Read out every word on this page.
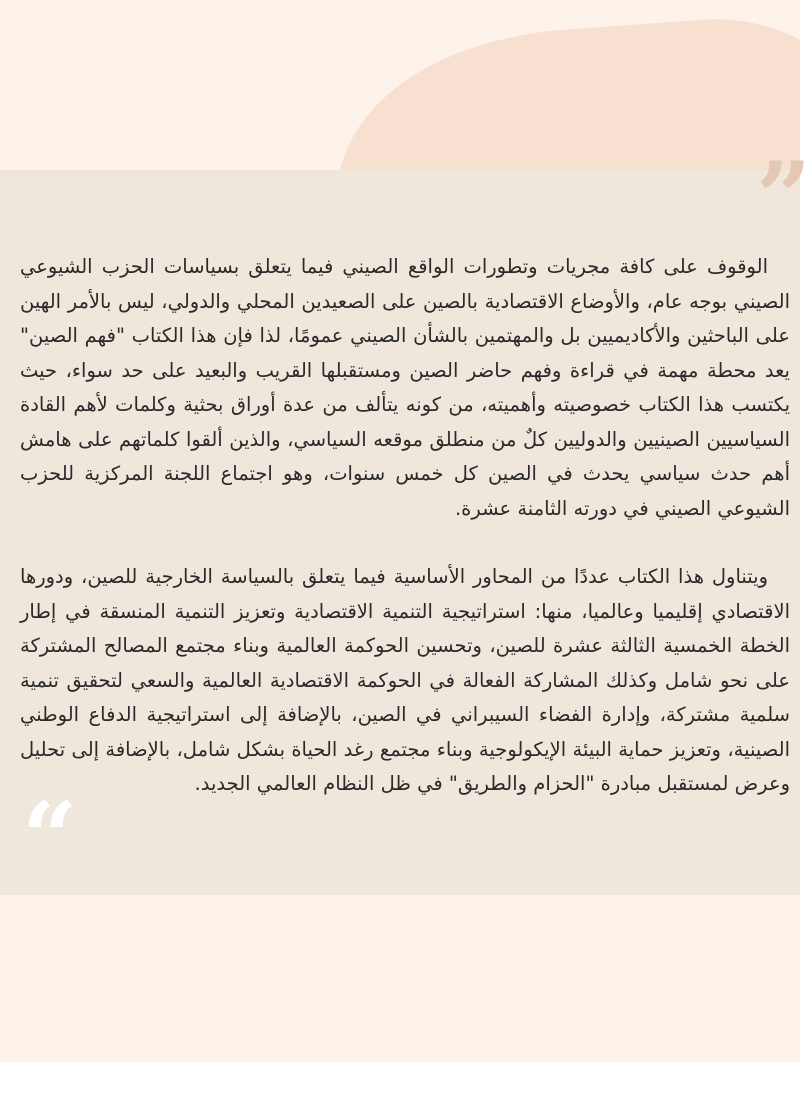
”
“

الوقوف على كافة مجريات وتطورات الواقع الصيني فيما يتعلق بسياسات الحزب الشيوعي الصيني بوجه عام، والأوضاع الاقتصادية بالصين على الصعيدين المحلي والدولي، ليس بالأمر الهين على الباحثين والأكاديميين بل والمهتمين بالشأن الصيني عمومًا، لذا فإن هذا الكتاب "فهم الصين" يعد محطة مهمة في قراءة وفهم حاضر الصين ومستقبلها القريب والبعيد على حد سواء، حيث يكتسب هذا الكتاب خصوصيته وأهميته، من كونه يتألف من عدة أوراق بحثية وكلمات لأهم القادة السياسيين الصينيين والدوليين كلٌ من منطلق موقعه السياسي، والذين ألقوا كلماتهم على هامش أهم حدث سياسي يحدث في الصين كل خمس سنوات، وهو اجتماع اللجنة المركزية للحزب الشيوعي الصيني في دورته الثامنة عشرة.

ويتناول هذا الكتاب عددًا من المحاور الأساسية فيما يتعلق بالسياسة الخارجية للصين، ودورها الاقتصادي إقليميا وعالميا، منها: استراتيجية التنمية الاقتصادية وتعزيز التنمية المنسقة في إطار الخطة الخمسية الثالثة عشرة للصين، وتحسين الحوكمة العالمية وبناء مجتمع المصالح المشتركة على نحو شامل وكذلك المشاركة الفعالة في الحوكمة الاقتصادية العالمية والسعي لتحقيق تنمية سلمية مشتركة، وإدارة الفضاء السيبراني في الصين، بالإضافة إلى استراتيجية الدفاع الوطني الصينية، وتعزيز حماية البيئة الإيكولوجية وبناء مجتمع رغد الحياة بشكل شامل، بالإضافة إلى تحليل وعرض لمستقبل مبادرة "الحزام والطريق" في ظل النظام العالمي الجديد.
